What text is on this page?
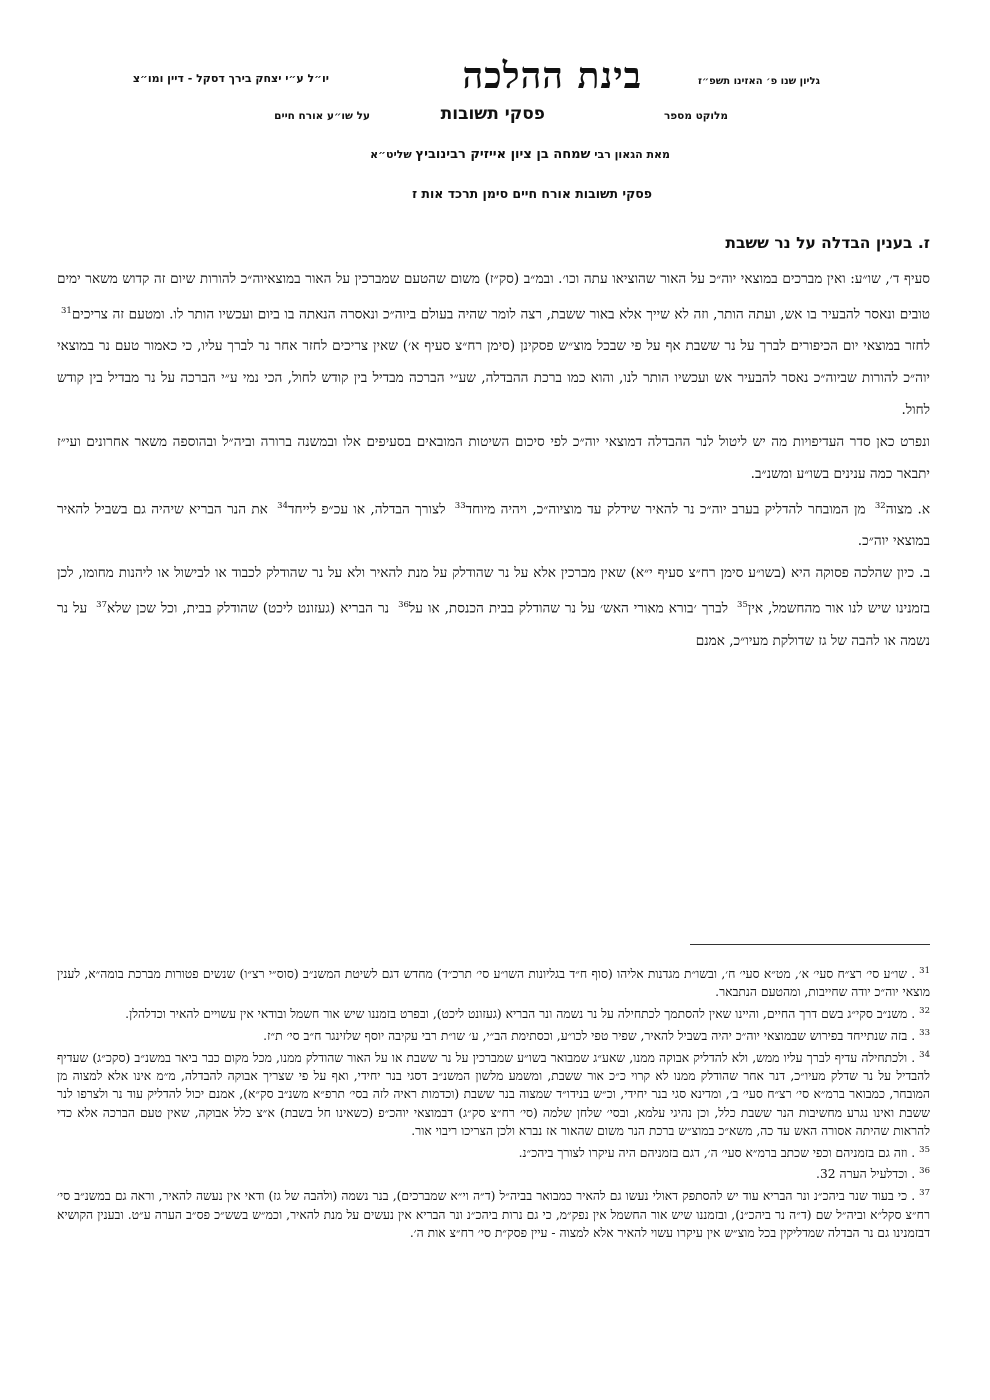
גליון שנו פ׳ האזינו תשפ״ז
בינת ההלכה
יו״ל ע״י יצחק בירך דסקל - דיין ומו״צ
מלוקט מספר
פסקי תשובות
על שו״ע אורח חיים
מאת הגאון רבי שמחה בן ציון אייזיק רבינוביץ שליט״א
פסקי תשובות אורח חיים סימן תרכד אות ז
ז. בענין הבדלה על נר ששבת

סעיף ד׳, שו״ע: ואין מברכים במוצאי יוה״כ על האור שהוציאו עתה וכו׳. ובמ״ב (סק״ז) משום שהטעם שמברכין על האור במוצאיוה״כ להורות שיום זה קדוש משאר ימים טובים ונאסר להבעיר בו אש, ועתה הותר, וזה לא שייך אלא באור ששבת, רצה לומר שהיה בעולם ביוה״כ ונאסרה הנאתה בו ביום ועכשיו הותר לו. ומטעם זה צריכים$^{31}$ לחזר במוצאי יום הכיפורים לברך על נר ששבת אף על פי שבכל מוצ״ש פסקינן (סימן רח״צ סעיף א׳) שאין צריכים לחזר אחר נר לברך עליו, כי כאמור טעם נר במוצאי יוה״כ להורות שביוה״כ נאסר להבעיר אש ועכשיו הותר לנו, והוא כמו ברכת ההבדלה, שע״י הברכה מבדיל בין קודש לחול, הכי נמי ע״י הברכה על נר מבדיל בין קודש לחול.

ונפרט כאן סדר העדיפויות מה יש ליטול לנר ההבדלה דמוצאי יוה״כ לפי סיכום השיטות המובאים בסעיפים אלו ובמשנה ברורה וביה״ל ובהוספה משאר אחרונים ועי״ז יתבאר כמה ענינים בשו״ע ומשנ״ב.

א. מצוה$^{32}$ מן המובחר להדליק בערב יוה״כ נר להאיר שידלק עד מוציוה״כ, ויהיה מיוחד$^{33}$ לצורך הבדלה, או עכ״פ לייחד$^{34}$ את הנר הבריא שיהיה גם בשביל להאיר במוצאי יוה״כ.

ב. כיון שהלכה פסוקה היא (בשו״ע סימן רח״צ סעיף י״א) שאין מברכין אלא על נר שהודלק על מנת להאיר ולא על נר שהודלק לכבוד או לבישול או ליהנות מחומו, לכן בזמנינו שיש לנו אור מהחשמל, אין$^{35}$ לברך ׳בורא מאורי האש׳ על נר שהודלק בבית הכנסת, או על$^{36}$ נר הבריא (געזונט ליכט) שהודלק בבית, וכל שכן שלא$^{37}$ על נר נשמה או להבה של גז שדולקת מעיו״כ, אמנם

$^{31}$. שו״ע סי׳ רצ״ח סעי׳ א׳, מט״א סעי׳ ח׳, ובשו״ת מגדנות אליהו (סוף ח״ד בגליונות השו״ע סי׳ תרכ״ד) מחדש דגם לשיטת המשנ״ב (סוס״י רצ״ו) שנשים פטורות מברכת בומה״א, לענין מוצאי יוה״כ יודה שחייבות, ומהטעם הנתבאר.

$^{32}$. משנ״ב סקי״ג בשם דרך החיים, והיינו שאין להסתמך לכתחילה על נר נשמה ונר הבריא (געזונט ליכט), ובפרט בזמננו שיש אור חשמל ובודאי אין עשויים להאיר וכדלהלן.

$^{33}$. בזה שנתייחד בפירוש שבמוצאי יוה״כ יהיה בשביל להאיר, שפיר טפי לכו״ע, וכסתימת הב״י, ע׳ שו״ת רבי עקיבה יוסף שלזינגר ח״ב סי׳ ת״ז.

$^{34}$. ולכתחילה עדיף לברך עליו ממש, ולא להדליק אבוקה ממנו, שאע״ג שמבואר בשו״ע שמברכין על נר ששבת או על האור שהודלק ממנו, מכל מקום כבר ביאר במשנ״ב (סקכ״ג) שעדיף להבדיל על נר שדלק מעיו״כ, דנר אחר שהודלק ממנו לא קרוי כ״כ אור ששבת, ומשמע מלשון המשנ״ב דסגי בנר יחידי, ואף על פי שצריך אבוקה להבדלה, מ״מ אינו אלא למצוה מן המובחר, כמבואר ברמ״א סי׳ רצ״ח סעי׳ ב׳, ומדינא סגי בנר יחידי, וכ״ש בנידו״ד שמצוה בנר ששבת (וכדמות ראיה לזה בסי׳ תרפ״א משנ״ב סק״א), אמנם יכול להדליק עוד נר ולצרפו לנר ששבת ואינו נגרע מחשיבות הנר ששבת כלל, וכן נהיגי עלמא, ובסי׳ שלחן שלמה (סי׳ רח״צ סק״ג) דבמוצאי יוהכ״פ (כשאינו חל בשבת) א״צ כלל אבוקה, שאין טעם הברכה אלא כדי להראות שהיתה אסורה האש עד כה, משא״כ במוצ״ש ברכת הנר משום שהאור אז נברא ולכן הצריכו ריבוי אור.

$^{35}$. וזה גם בזמניהם וכפי שכתב ברמ״א סעי׳ ה׳, דגם בזמניהם היה עיקרו לצורך ביהכ״נ.

$^{36}$. וכדלעיל הערה 32.

$^{37}$. כי בעוד שנר ביהכ״נ ונר הבריא עוד יש להסתפק דאולי נעשו גם להאיר כמבואר בביה״ל (ד״ה וי״א שמברכים), בנר נשמה (ולהבה של גז) ודאי אין נעשה להאיר, וראה גם במשנ״ב סי׳ רח״צ סקל״א וביה״ל שם (ד״ה נר ביהכ״נ), ובזמננו שיש אור החשמל אין נפק״מ, כי גם נרות ביהכ״נ ונר הבריא אין נעשים על מנת להאיר, וכמ״ש בשש״כ פס״ב הערה ע״ט. ובענין הקושיא דבזמנינו גם נר הבדלה שמדליקין בכל מוצ״ש אין עיקרו עשוי להאיר אלא למצוה - עיין פסק״ת סי׳ רח״צ אות ה׳.
